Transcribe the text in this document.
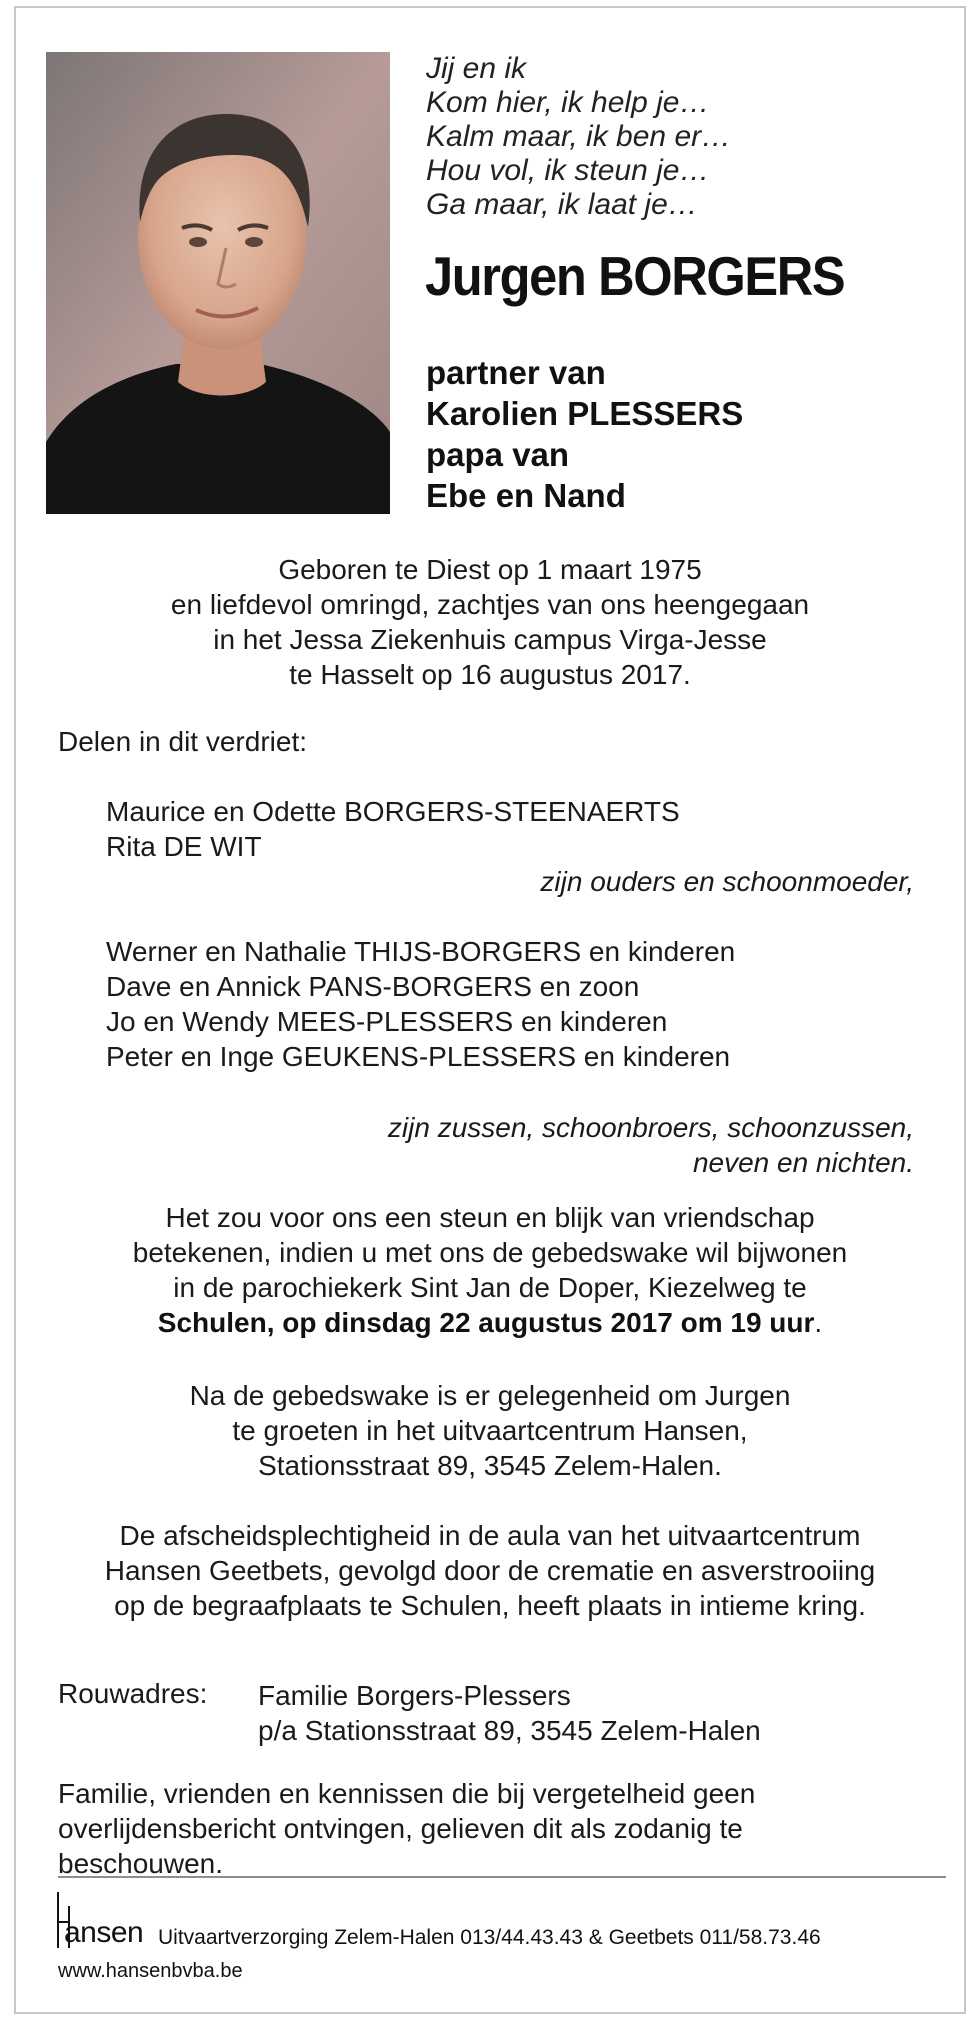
Jij en ik
Kom hier, ik help je…
Kalm maar, ik ben er…
Hou vol, ik steun je…
Ga maar, ik laat je…
Jurgen BORGERS
partner van
Karolien PLESSERS
papa van
Ebe en Nand
Geboren te Diest op 1 maart 1975
en liefdevol omringd, zachtjes van ons heengegaan
in het Jessa Ziekenhuis campus Virga-Jesse
te Hasselt op 16 augustus 2017.
Delen in dit verdriet:
Maurice en Odette BORGERS-STEENAERTS
Rita DE WIT
zijn ouders en schoonmoeder,
Werner en Nathalie THIJS-BORGERS en kinderen
Dave en Annick PANS-BORGERS en zoon
Jo en Wendy MEES-PLESSERS en kinderen
Peter en Inge GEUKENS-PLESSERS en kinderen
zijn zussen, schoonbroers, schoonzussen,
neven en nichten.
Het zou voor ons een steun en blijk van vriendschap
betekenen, indien u met ons de gebedswake wil bijwonen
in de parochiekerk Sint Jan de Doper, Kiezelweg te
Schulen, op dinsdag 22 augustus 2017 om 19 uur.
Na de gebedswake is er gelegenheid om Jurgen
te groeten in het uitvaartcentrum Hansen,
Stationsstraat 89, 3545 Zelem-Halen.
De afscheidsplechtigheid in de aula van het uitvaartcentrum
Hansen Geetbets, gevolgd door de crematie en asverstrooiing
op de begraafplaats te Schulen, heeft plaats in intieme kring.
Rouwadres: Familie Borgers-Plessers
p/a Stationsstraat 89, 3545 Zelem-Halen
Familie, vrienden en kennissen die bij vergetelheid geen
overlijdensbericht ontvingen, gelieven dit als zodanig te
beschouwen.
ansen Uitvaartverzorging Zelem-Halen 013/44.43.43 & Geetbets 011/58.73.46
www.hansenbvba.be
